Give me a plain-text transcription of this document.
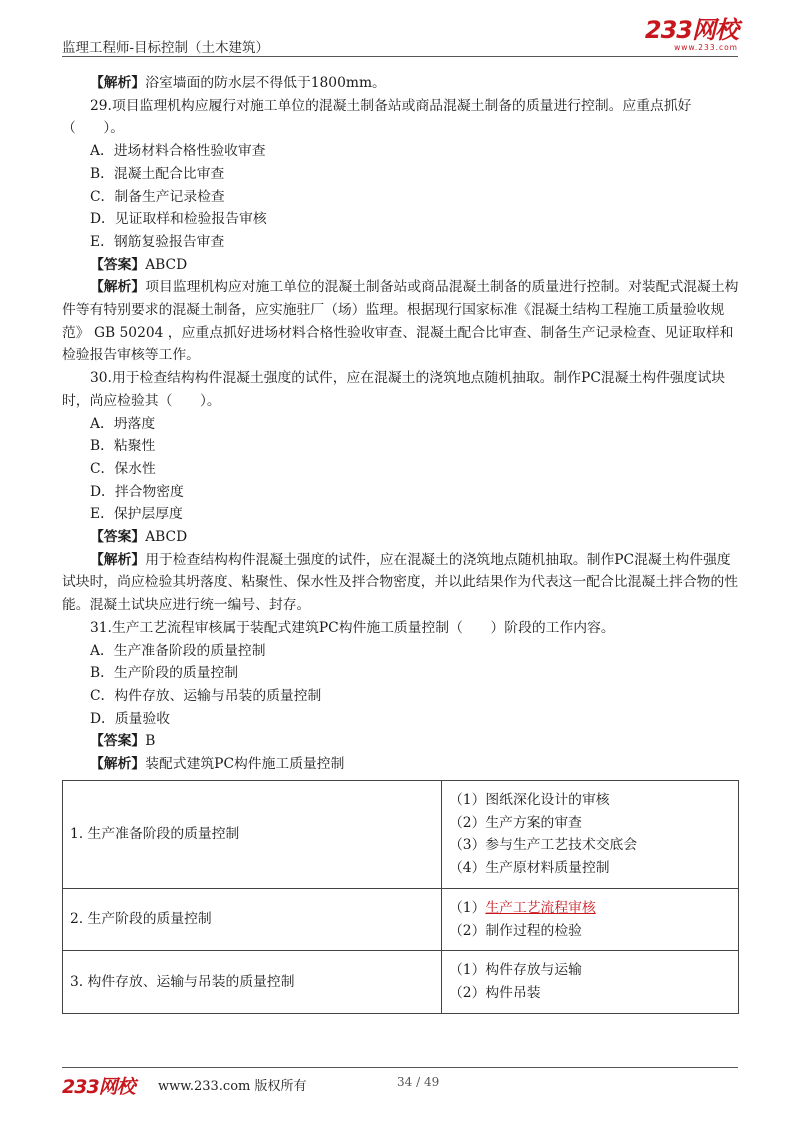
监理工程师-目标控制（土木建筑）
233网校
www.233.com

【解析】浴室墙面的防水层不得低于1800mm。

29.项目监理机构应履行对施工单位的混凝土制备站或商品混凝土制备的质量进行控制。应重点抓好（　　）。

A．进场材料合格性验收审查

B．混凝土配合比审查

C．制备生产记录检查

D．见证取样和检验报告审核

E．钢筋复验报告审查

【答案】ABCD

【解析】项目监理机构应对施工单位的混凝土制备站或商品混凝土制备的质量进行控制。对装配式混凝土构件等有特别要求的混凝土制备，应实施驻厂（场）监理。根据现行国家标准《混凝土结构工程施工质量验收规范》 GB 50204 ，应重点抓好进场材料合格性验收审查、混凝土配合比审查、制备生产记录检查、见证取样和检验报告审核等工作。

30.用于检查结构构件混凝土强度的试件，应在混凝土的浇筑地点随机抽取。制作PC混凝土构件强度试块时，尚应检验其（　　）。

A．坍落度

B．粘聚性

C．保水性

D．拌合物密度

E．保护层厚度

【答案】ABCD

【解析】用于检查结构构件混凝土强度的试件，应在混凝土的浇筑地点随机抽取。制作PC混凝土构件强度试块时，尚应检验其坍落度、粘聚性、保水性及拌合物密度，并以此结果作为代表这一配合比混凝土拌合物的性能。混凝土试块应进行统一编号、封存。

31.生产工艺流程审核属于装配式建筑PC构件施工质量控制（　　）阶段的工作内容。

A．生产准备阶段的质量控制

B．生产阶段的质量控制

C．构件存放、运输与吊装的质量控制

D．质量验收

【答案】B

【解析】装配式建筑PC构件施工质量控制

1. 生产准备阶段的质量控制	（1）图纸深化设计的审核
（2）生产方案的审查
（3）参与生产工艺技术交底会
（4）生产原材料质量控制

2. 生产阶段的质量控制	（1）生产工艺流程审核
（2）制作过程的检验

3. 构件存放、运输与吊装的质量控制	（1）构件存放与运输
（2）构件吊装
233网校 www.233.com 版权所有	34 / 49
